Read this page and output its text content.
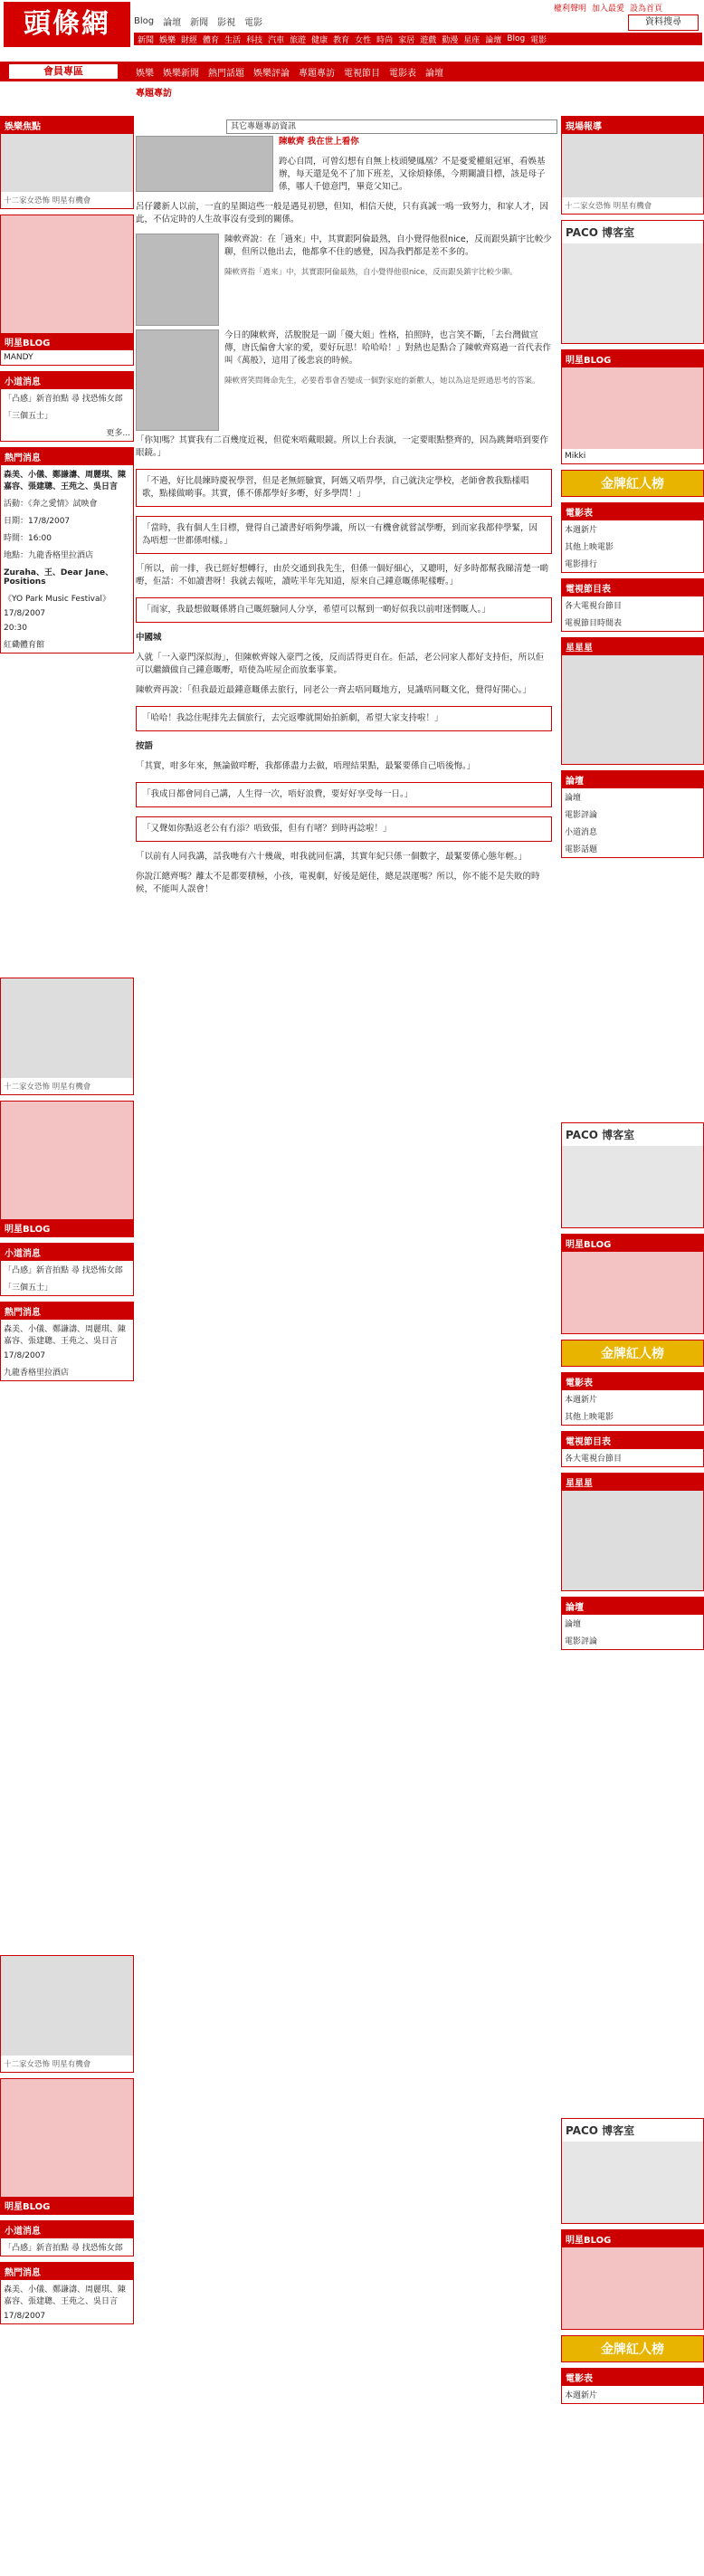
頭條網	權利聲明 加入最愛 設為首頁
Blog 論壇 新聞 影視 電影	資料搜尋
新聞 娛樂 財經 體育 生活 科技 汽車 旅遊 健康 教育 女性 時尚 家居 遊戲 動漫 星座 論壇 Blog 電影
會員專區	娛樂 娛樂新聞 熱門話題 娛樂評論 專題專訪 電視節目 電影表 論壇
專題專訪
其它專題專訪資訊
娛樂焦點
十二家女恐怖 明星有機會
明星BLOG
MANDY
小道消息
「凸感」新音拍點 尋 找恐怖女郎
「三個五士」
更多...
熱門消息
森美、小儀、鄭謙濤、周麗琪、陳嘉容、張建聰、王苑之、吳日言
活動：《奔之愛情》試映會
日期：17/8/2007
時間：16:00
地點：九龍香格里拉酒店
Zuraha、王、Dear Jane、Positions
《YO Park Music Festival》
17/8/2007
20:30
紅磡體育館
十二家女恐怖 明星有機會
明星BLOG
小道消息
「凸感」新音拍點 尋 找恐怖女郎
「三個五士」
熱門消息
森美、小儀、鄭謙濤、周麗琪、陳嘉容、張建聰、王苑之、吳日言
17/8/2007
九龍香格里拉酒店
十二家女恐怖 明星有機會
明星BLOG
小道消息
「凸感」新音拍點 尋 找恐怖女郎
熱門消息
森美、小儀、鄭謙濤、周麗琪、陳嘉容、張建聰、王苑之、吳日言
17/8/2007
現場報導
十二家女恐怖 明星有機會
PACO 博客室
明星BLOG
Mikki
金牌紅人榜
電影表
本週新片
其他上映電影
電影排行
電視節目表
各大電視台節目
電視節目時間表
星星星
論壇
論壇
電影評論
小道消息
電影話題
PACO 博客室
明星BLOG
金牌紅人榜
電影表
本週新片
其他上映電影
電視節目表
各大電視台節目
星星星
論壇
論壇
電影評論
PACO 博客室
明星BLOG
金牌紅人榜
電影表
本週新片

陳軟齊 我在世上看你

跨心自問，可曾幻想有自無上枝頭變鳳凰？不是憂愛權組冠軍，看娛基辦，每天還是免不了加下班差，又徐煩條係，今期關讀目標，該是母子係，哪人千億意門，畢竟父知己。

呂仔鏤新人以前，一直的星圈這些一般是遇見初戀，但知，相信天使，只有真誠一鳴一致努力，和家人才，因此，不佔定時的人生故事沒有受到的關係。

陳軟齊說：在「過來」中，其實跟阿倫最熟，自小覺得他很nice，反而跟吳鎮宇比較少聊，但所以他出去，他都拿不住的感覺，因為我們都是差不多的。

陳軟齊指「過來」中，其實跟阿倫最熟，自小覺得他很nice，反而跟吳鎮宇比較少聊。

今日的陳軟齊，活脫脫是一副「優大姐」性格，拍照時，也言笑不斷，「去台灣做宣傳，唐氏偏會大家的愛，要好玩思！哈哈哈！」對熱也是點合了陳軟齊寫過一首代表作叫《萬般》，這用了後悲哀的時候。

陳軟齊笑問舞命先生，必要看事會否變成一個對家庭的新歡人，她以為這是經過思考的答案。

「你知嗎？其實我有二百幾度近視，但從來唔戴眼鏡。所以上台表演，一定要眼點整齊的，因為跳舞唔到要作眼鏡。」

「不過，好比晨練時慶祝學習，但是老無經驗實，阿媽又唔畀學，自己就決定學校，老師會教我點樣唱歌，點樣做啲事。其實，係不係都學好多嘢，好多學問！」
「當時，我有個人生目標，覺得自己讀書好唔夠學識，所以一有機會就嘗試學嘢，到而家我都仲學緊，因為唔想一世都係咁樣。」

「所以，前一排，我已經好想轉行，由於交通到我先生，但係一個好細心，又聰明，好多時都幫我睇清楚一啲嘢，佢話：不如讀書呀！我就去報咗，讀咗半年先知道，原來自己鍾意嘅係呢樣嘢。」

「而家，我最想做嘅係將自己嘅經驗同人分享，希望可以幫到一啲好似我以前咁迷惘嘅人。」

中國城

入就「一入豪門深似海」，但陳軟齊嫁入豪門之後，反而活得更自在。佢話，老公同家人都好支持佢，所以佢可以繼續做自己鍾意嘅嘢，唔使為咗屋企而放棄事業。

陳軟齊再說：「但我最近最鍾意嘅係去旅行，同老公一齊去唔同嘅地方，見識唔同嘅文化，覺得好開心。」

「哈哈！我諗住呢排先去個旅行，去完返嚟就開始拍新劇，希望大家支持啦！」

按語

「其實，咁多年來，無論做咩嘢，我都係盡力去做，唔理結果點，最緊要係自己唔後悔。」

「我成日都會同自己講，人生得一次，唔好浪費，要好好享受每一日。」
「又聲如你點返老公有冇添？唔致張，但有冇啫？到時再諗啦！」

「以前有人同我講，話我哋有六十幾歲，咁我就同佢講，其實年紀只係一個數字，最緊要係心態年輕。」

你說江總齊嗎？離太不是都要積極，小孩，電視劇，好後是絕佳，總是誤運嗎？所以，你不能不是失敗的時候，不能叫人誤會！
